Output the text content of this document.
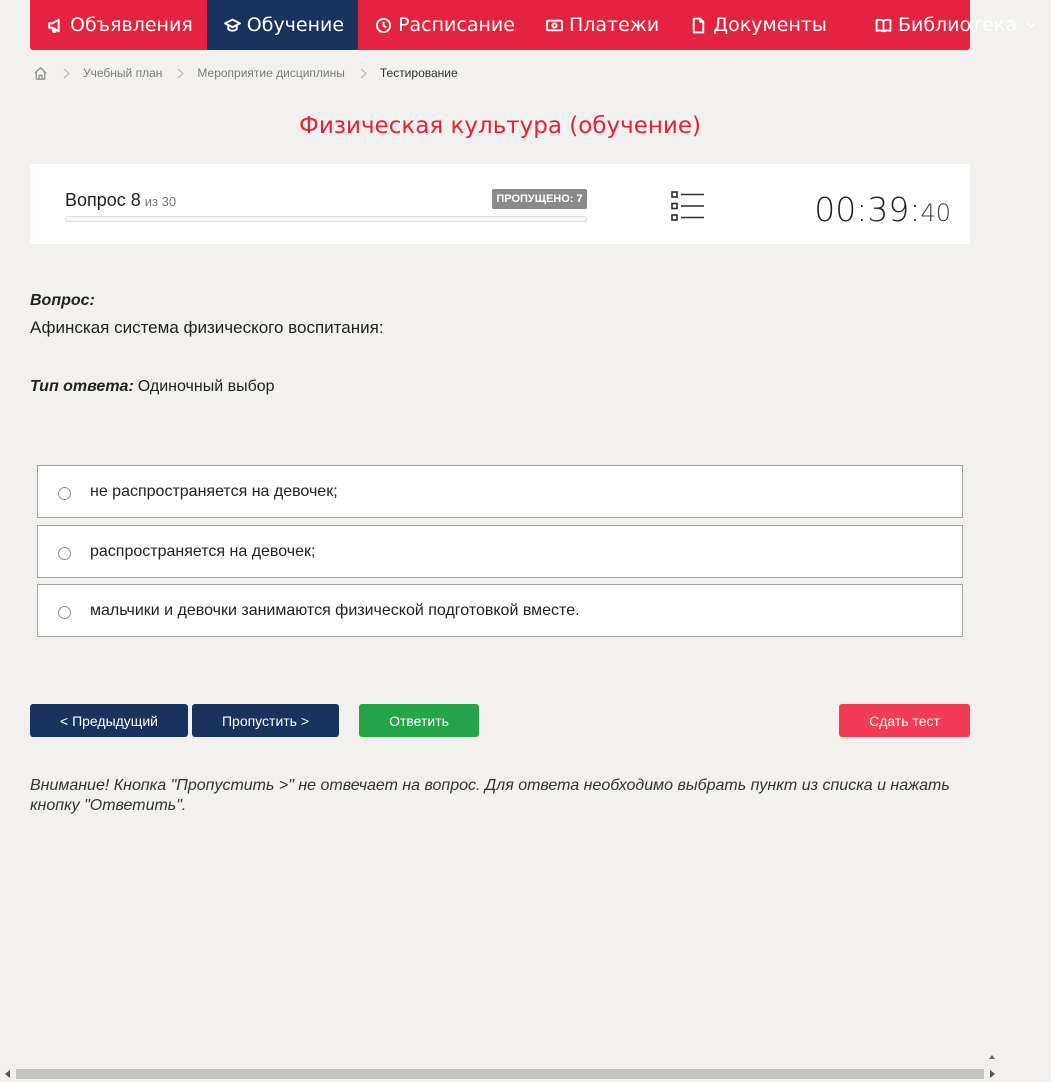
Объявления	Обучение	Расписание	Платежи	Документы	Библиотека
Учебный план	Мероприятие дисциплины	Тестирование
Физическая культура (обучение)
Вопрос 8 из 30	ПРОПУЩЕНО: 7	00:39:40
Вопрос:
Афинская система физического воспитания:
Тип ответа: Одиночный выбор
не распространяется на девочек;
распространяется на девочек;
мальчики и девочки занимаются физической подготовкой вместе.
< Предыдущий	Пропустить >	Ответить	Сдать тест
Внимание! Кнопка "Пропустить >" не отвечает на вопрос. Для ответа необходимо выбрать пункт из списка и нажать кнопку "Ответить".
